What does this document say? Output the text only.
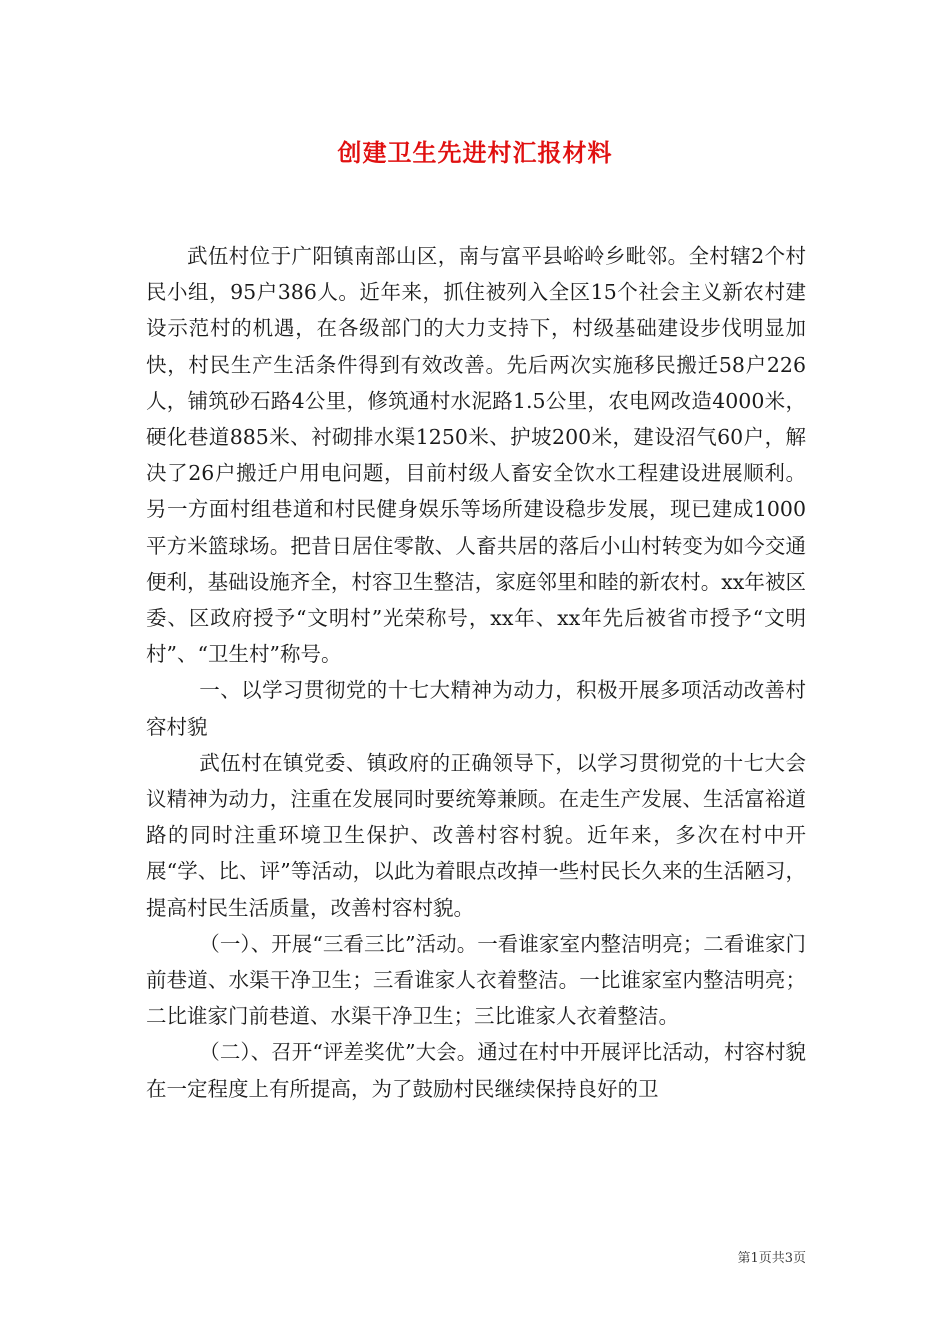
创建卫生先进村汇报材料

武伍村位于广阳镇南部山区，南与富平县峪岭乡毗邻。全村辖2个村民小组，95户386人。近年来，抓住被列入全区15个社会主义新农村建设示范村的机遇，在各级部门的大力支持下，村级基础建设步伐明显加快，村民生产生活条件得到有效改善。先后两次实施移民搬迁58户226人，铺筑砂石路4公里，修筑通村水泥路1.5公里，农电网改造4000米，硬化巷道885米、衬砌排水渠1250米、护坡200米，建设沼气60户，解决了26户搬迁户用电问题，目前村级人畜安全饮水工程建设进展顺利。另一方面村组巷道和村民健身娱乐等场所建设稳步发展，现已建成1000平方米篮球场。把昔日居住零散、人畜共居的落后小山村转变为如今交通便利，基础设施齐全，村容卫生整洁，家庭邻里和睦的新农村。xx年被区委、区政府授予“文明村”光荣称号，xx年、xx年先后被省市授予“文明村”、“卫生村”称号。

一、以学习贯彻党的十七大精神为动力，积极开展多项活动改善村容村貌

武伍村在镇党委、镇政府的正确领导下，以学习贯彻党的十七大会议精神为动力，注重在发展同时要统筹兼顾。在走生产发展、生活富裕道路的同时注重环境卫生保护、改善村容村貌。近年来，多次在村中开展“学、比、评”等活动，以此为着眼点改掉一些村民长久来的生活陋习，提高村民生活质量，改善村容村貌。

（一）、开展“三看三比”活动。一看谁家室内整洁明亮；二看谁家门前巷道、水渠干净卫生；三看谁家人衣着整洁。一比谁家室内整洁明亮；二比谁家门前巷道、水渠干净卫生；三比谁家人衣着整洁。

（二）、召开“评差奖优”大会。通过在村中开展评比活动，村容村貌在一定程度上有所提高，为了鼓励村民继续保持良好的卫

第1页共3页
